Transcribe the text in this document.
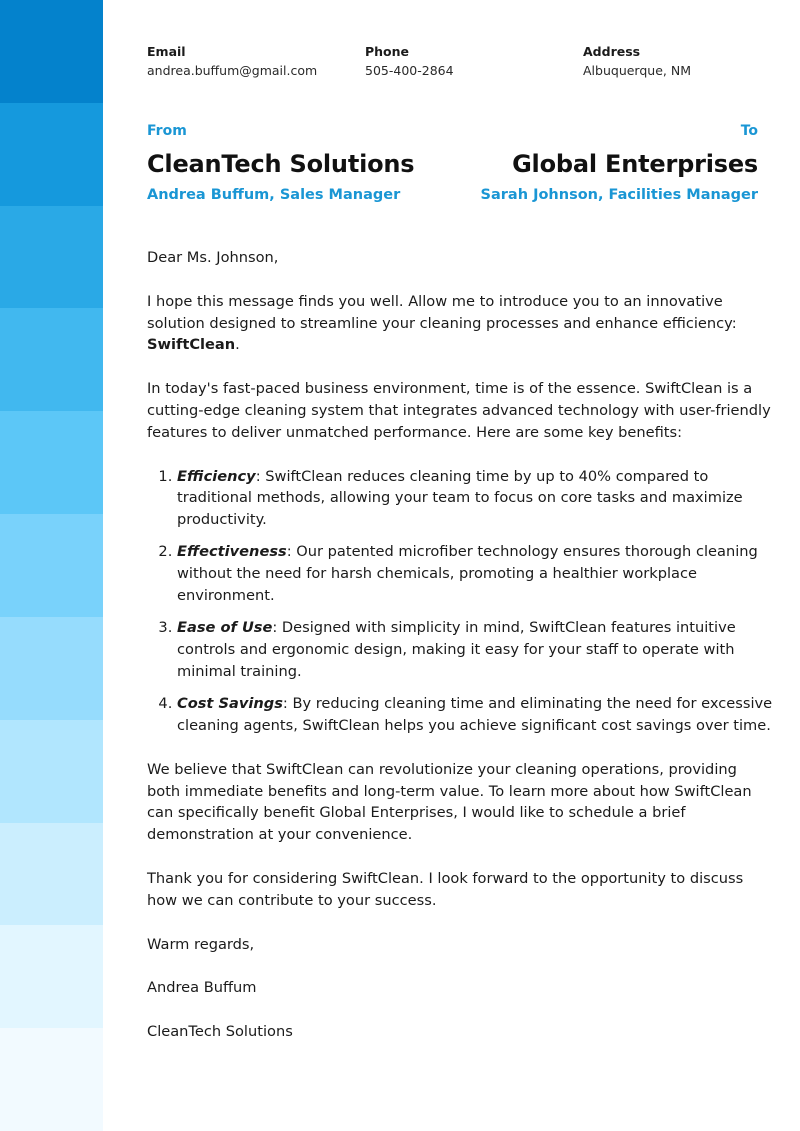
Email
andrea.buffum@gmail.com
Phone
505-400-2864
Address
Albuquerque, NM
From
CleanTech Solutions
Andrea Buffum, Sales Manager
To
Global Enterprises
Sarah Johnson, Facilities Manager

Dear Ms. Johnson,

I hope this message finds you well. Allow me to introduce you to an innovative solution designed to streamline your cleaning processes and enhance efficiency: SwiftClean.

In today's fast-paced business environment, time is of the essence. SwiftClean is a cutting-edge cleaning system that integrates advanced technology with user-friendly features to deliver unmatched performance. Here are some key benefits:

1. Efficiency: SwiftClean reduces cleaning time by up to 40% compared to traditional methods, allowing your team to focus on core tasks and maximize productivity.
2. Effectiveness: Our patented microfiber technology ensures thorough cleaning without the need for harsh chemicals, promoting a healthier workplace environment.
3. Ease of Use: Designed with simplicity in mind, SwiftClean features intuitive controls and ergonomic design, making it easy for your staff to operate with minimal training.
4. Cost Savings: By reducing cleaning time and eliminating the need for excessive cleaning agents, SwiftClean helps you achieve significant cost savings over time.

We believe that SwiftClean can revolutionize your cleaning operations, providing both immediate benefits and long-term value. To learn more about how SwiftClean can specifically benefit Global Enterprises, I would like to schedule a brief demonstration at your convenience.

Thank you for considering SwiftClean. I look forward to the opportunity to discuss how we can contribute to your success.

Warm regards,

Andrea Buffum

CleanTech Solutions
